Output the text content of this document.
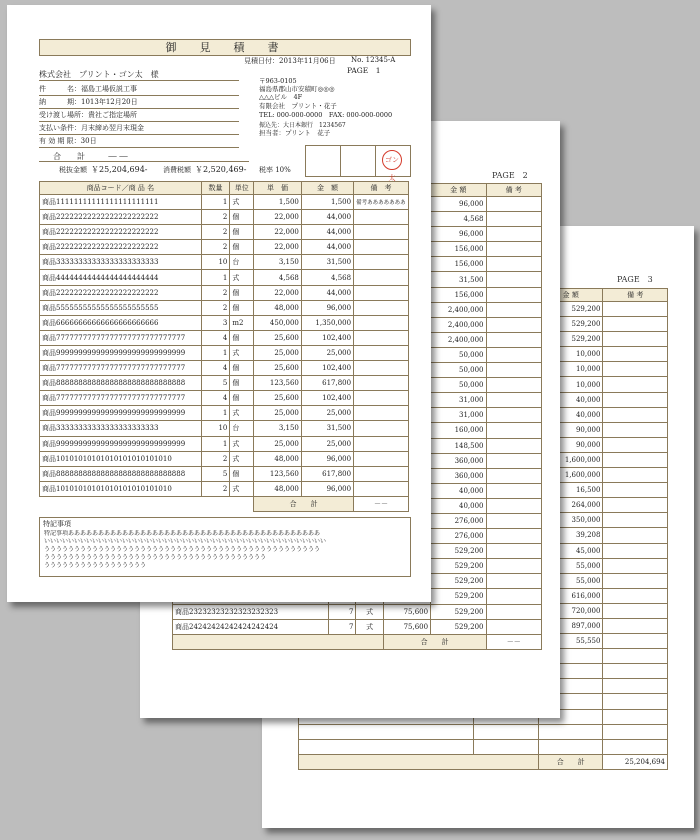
PAGE　3
		金 額	備 考
		529,200	
		529,200	
		529,200	
		10,000	
		10,000	
		10,000	
		40,000	
		40,000	
		90,000	
		90,000	
		1,600,000	
		1,600,000	
		16,500	
		264,000	
		350,000	
		39,208	
		45,000	
		55,000	
		55,000	
		616,000	
		720,000	
		897,000	
		55,550	

		合　　計	25,204,694
PAGE　2
				金 額	備 考
				96,000	
				4,568	
				96,000	
				156,000	
				156,000	
				31,500	
				156,000	
				2,400,000	
				2,400,000	
				2,400,000	
				50,000	
				50,000	
				50,000	
				31,000	
				31,000	
				160,000	
				148,500	
				360,000	
				360,000	
				40,000	
				40,000	
				276,000	
				276,000	
				529,200	
				529,200	
				529,200	
				529,200	
商品23232323232323232323	7	式	75,600	529,200	
商品24242424242424242424	7	式	75,600	529,200	
			合　　計		－－
御　見　積　書
見積日付：2013年11月06日 No. 12345-A
PAGE　1
株式会社　プリント・ゴン太　様
件　　　名：福島工場仮説工事
納　　　期：1013年12月20日
受け渡し場所：貴社ご指定場所
支払い条件：月末締め翌月末現金
有 効 期 限：30日
合　　計 －－
税抜金額 ￥25,204,694- 消費税額 ￥2,520,469- 税率 10%
〒963-0105
福島県郡山市安積町◎◎◎
△△△ビル　4F
有限会社　プリント・花子
TEL: 000-000-0000　FAX: 000-000-0000
振込先：大日本銀行　1234567
担当者：プリント　花子
ゴン太
商品コード／商 品 名	数量	単位	単　価	金　額	備　考
商品11111111111111111111111	1	式	1,500	1,500	備考あああああああ
商品22222222222222222222222	2	個	22,000	44,000	
商品22222222222222222222222	2	個	22,000	44,000	
商品22222222222222222222222	2	個	22,000	44,000	
商品33333333333333333333333	10	台	3,150	31,500	
商品44444444444444444444444	1	式	4,568	4,568	
商品22222222222222222222222	2	個	22,000	44,000	
商品55555555555555555555555	2	個	48,000	96,000	
商品66666666666666666666666	3	m2	450,000	1,350,000	
商品77777777777777777777777777777	4	個	25,600	102,400	
商品99999999999999999999999999999	1	式	25,000	25,000	
商品77777777777777777777777777777	4	個	25,600	102,400	
商品88888888888888888888888888888	5	個	123,560	617,800	
商品77777777777777777777777777777	4	個	25,600	102,400	
商品99999999999999999999999999999	1	式	25,000	25,000	
商品33333333333333333333333	10	台	3,150	31,500	
商品99999999999999999999999999999	1	式	25,000	25,000	
商品10101010101010101010101010	2	式	48,000	96,000	
商品88888888888888888888888888888	5	個	123,560	617,800	
商品10101010101010101010101010	2	式	48,000	96,000	
			合　　計		－－
特記事項
特記事項ああああああああああああああああああああああああああああああああああああああああああ
いいいいいいいいいいいいいいいいいいいいいいいいいいいいいいいいいいいいいいいいいいいいいいい
うううううううううううううううううううううううううううううううううううううううううううううう
ううううううううううううううううううううううううううううううううううううう
ううううううううううううううううう
